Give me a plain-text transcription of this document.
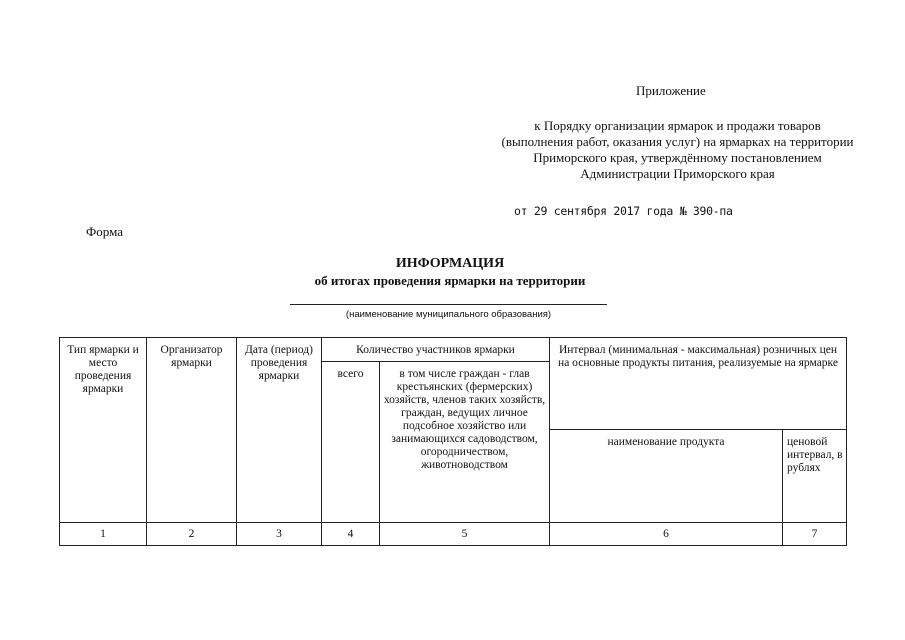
Приложение
к Порядку организации ярмарок и продажи товаров (выполнения работ, оказания услуг) на ярмарках на территории Приморского края, утверждённому постановлением Администрации Приморского края
от 29 сентября 2017 года № 390-па
Форма
ИНФОРМАЦИЯ
об итогах проведения ярмарки на территории
(наименование муниципального образования)
Тип ярмарки и место проведения ярмарки	Организатор ярмарки	Дата (период) проведения ярмарки	Количество участников ярмарки		Интервал (минимальная - максимальная) розничных цен на основные продукты питания, реализуемые на ярмарке	
			всего	в том числе граждан - глав крестьянских (фермерских) хозяйств, членов таких хозяйств, граждан, ведущих личное подсобное хозяйство или занимающихся садоводством, огородничеством, животноводством		
					наименование продукта	ценовой интервал, в рублях
1	2	3	4	5	6	7
